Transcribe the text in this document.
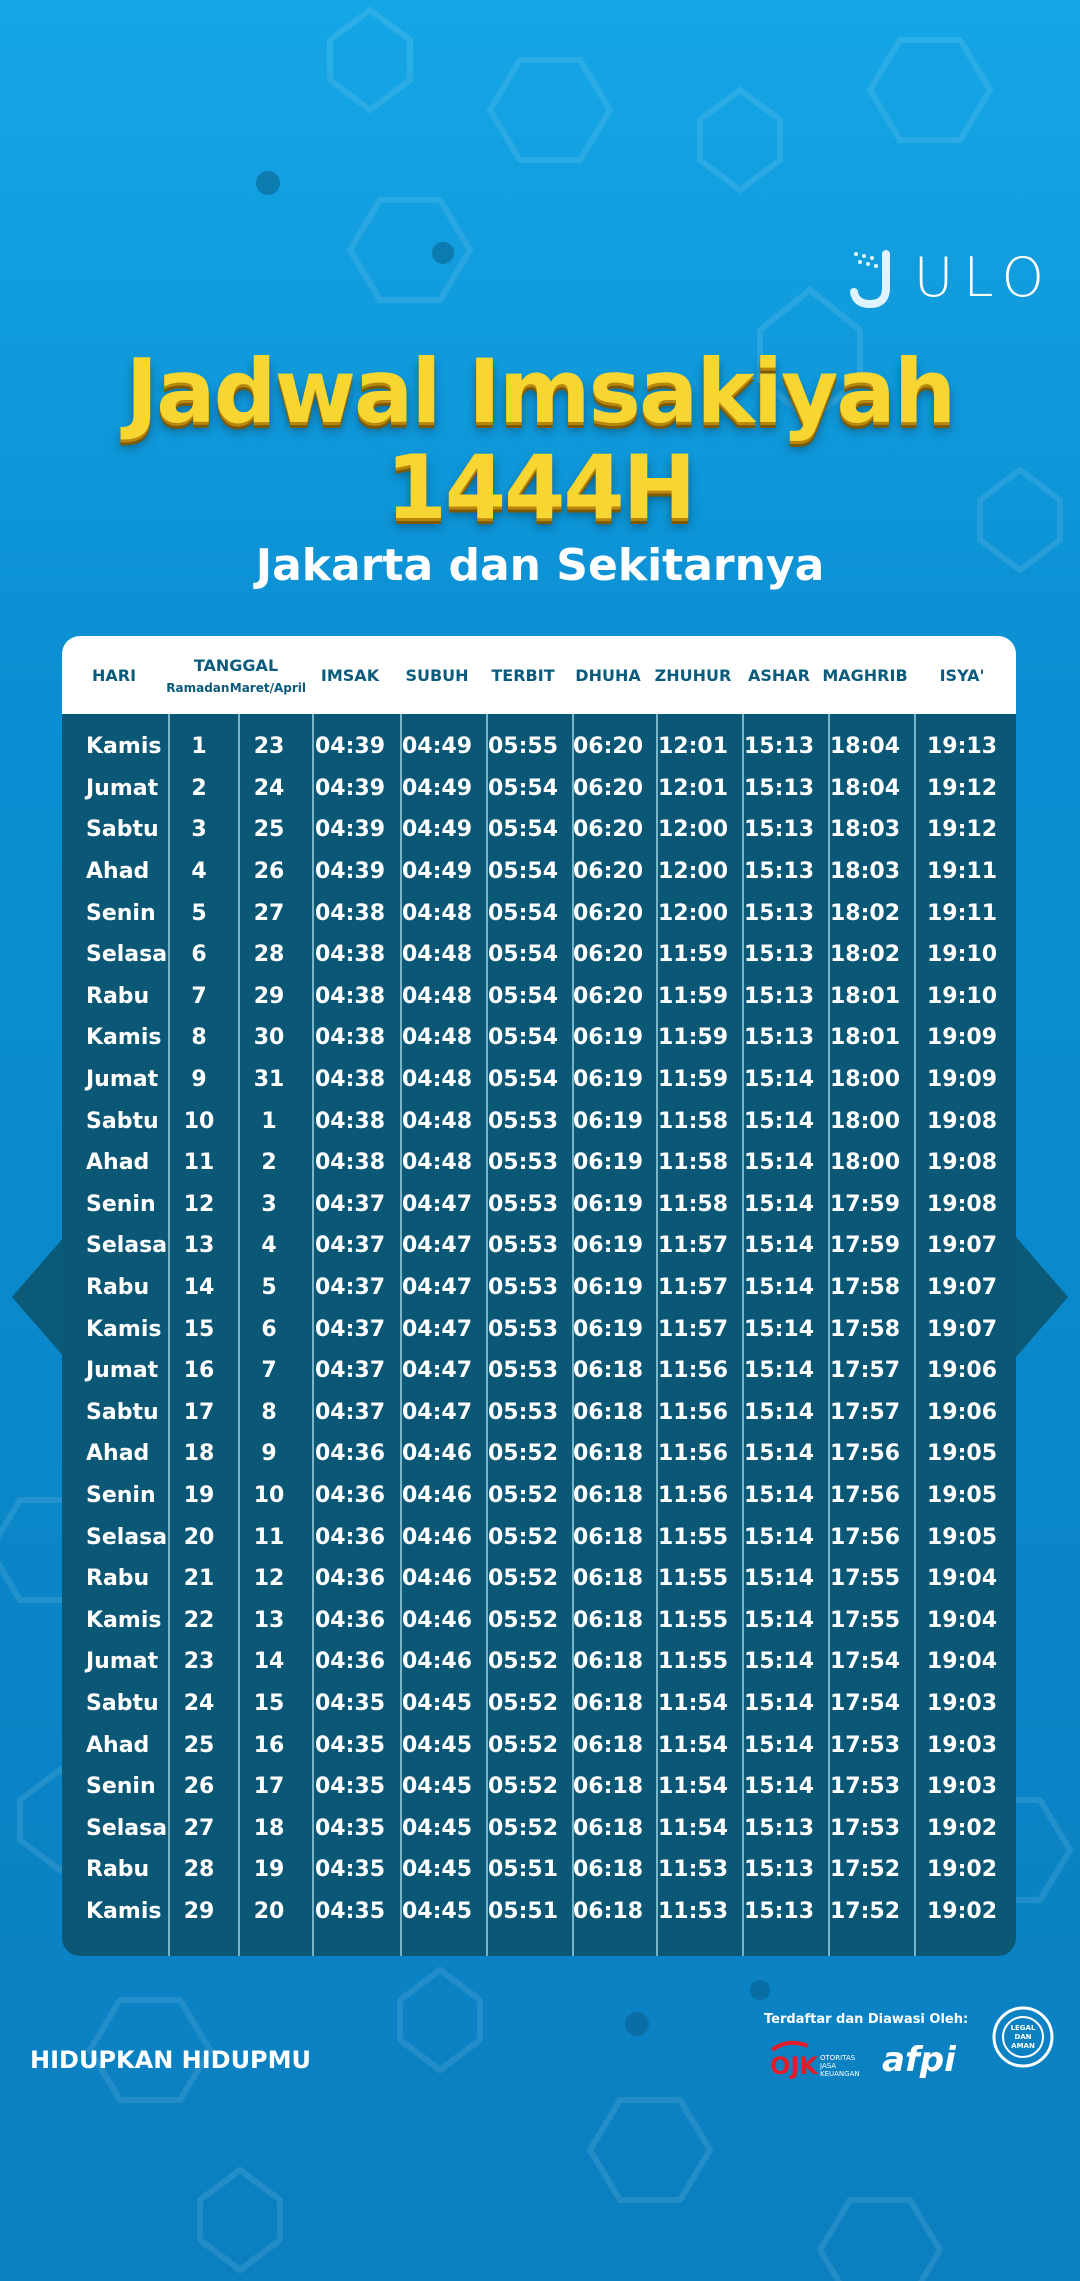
ULO
Jadwal Imsakiyah
1444H
Jakarta dan Sekitarnya
HARI
TANGGAL
Ramadan Maret/April
IMSAK	SUBUH	TERBIT	DHUHA ZHUHUR	ASHAR MAGHRIB	ISYA'
Kamis	1	23	04:39 04:49 05:55 06:20 12:01 15:13 18:04	19:13
Jumat	2	24	04:39 04:49 05:54 06:20 12:01 15:13 18:04	19:12
Sabtu	3	25	04:39 04:49 05:54 06:20 12:00 15:13 18:03	19:12
Ahad	4	26	04:39 04:49 05:54 06:20 12:00 15:13 18:03	19:11
Senin	5	27	04:38 04:48 05:54 06:20 12:00 15:13 18:02	19:11
Selasa	6	28	04:38 04:48 05:54 06:20 11:59 15:13 18:02	19:10
Rabu	7	29	04:38 04:48 05:54 06:20 11:59 15:13 18:01	19:10
Kamis	8	30	04:38 04:48 05:54 06:19 11:59 15:13 18:01	19:09
Jumat	9	31	04:38 04:48 05:54 06:19 11:59 15:14 18:00	19:09
Sabtu	10	1	04:38 04:48 05:53 06:19 11:58 15:14 18:00	19:08
Ahad	11	2	04:38 04:48 05:53 06:19 11:58 15:14 18:00	19:08
Senin	12	3	04:37 04:47 05:53 06:19 11:58 15:14 17:59	19:08
Selasa 13	4	04:37 04:47 05:53 06:19 11:57 15:14 17:59	19:07
Rabu	14	5	04:37 04:47 05:53 06:19 11:57 15:14 17:58	19:07
Kamis	15	6	04:37 04:47 05:53 06:19 11:57 15:14 17:58	19:07
Jumat	16	7	04:37 04:47 05:53 06:18 11:56 15:14 17:57	19:06
Sabtu	17	8	04:37 04:47 05:53 06:18 11:56 15:14 17:57	19:06
Ahad	18	9	04:36 04:46 05:52 06:18 11:56 15:14 17:56	19:05
Senin	19	10	04:36 04:46 05:52 06:18 11:56 15:14 17:56	19:05
Selasa 20	11	04:36 04:46 05:52 06:18 11:55 15:14 17:56	19:05
Rabu	21	12	04:36 04:46 05:52 06:18 11:55 15:14 17:55	19:04
Kamis	22	13	04:36 04:46 05:52 06:18 11:55 15:14 17:55	19:04
Jumat	23	14	04:36 04:46 05:52 06:18 11:55 15:14 17:54	19:04
Sabtu	24	15	04:35 04:45 05:52 06:18 11:54 15:14 17:54	19:03
Ahad	25	16	04:35 04:45 05:52 06:18 11:54 15:14 17:53	19:03
Senin	26	17	04:35 04:45 05:52 06:18 11:54 15:14 17:53	19:03
Selasa 27	18	04:35 04:45 05:52 06:18 11:54 15:13 17:53	19:02
Rabu	28	19	04:35 04:45 05:51 06:18 11:53 15:13 17:52	19:02
Kamis	29	20	04:35 04:45 05:51 06:18 11:53 15:13 17:52	19:02
HIDUPKAN HIDUPMU
Terdaftar dan Diawasi Oleh:
OJK OTORITAS
JASA
KEUANGAN afpi
LEGAL
DAN
AMAN
